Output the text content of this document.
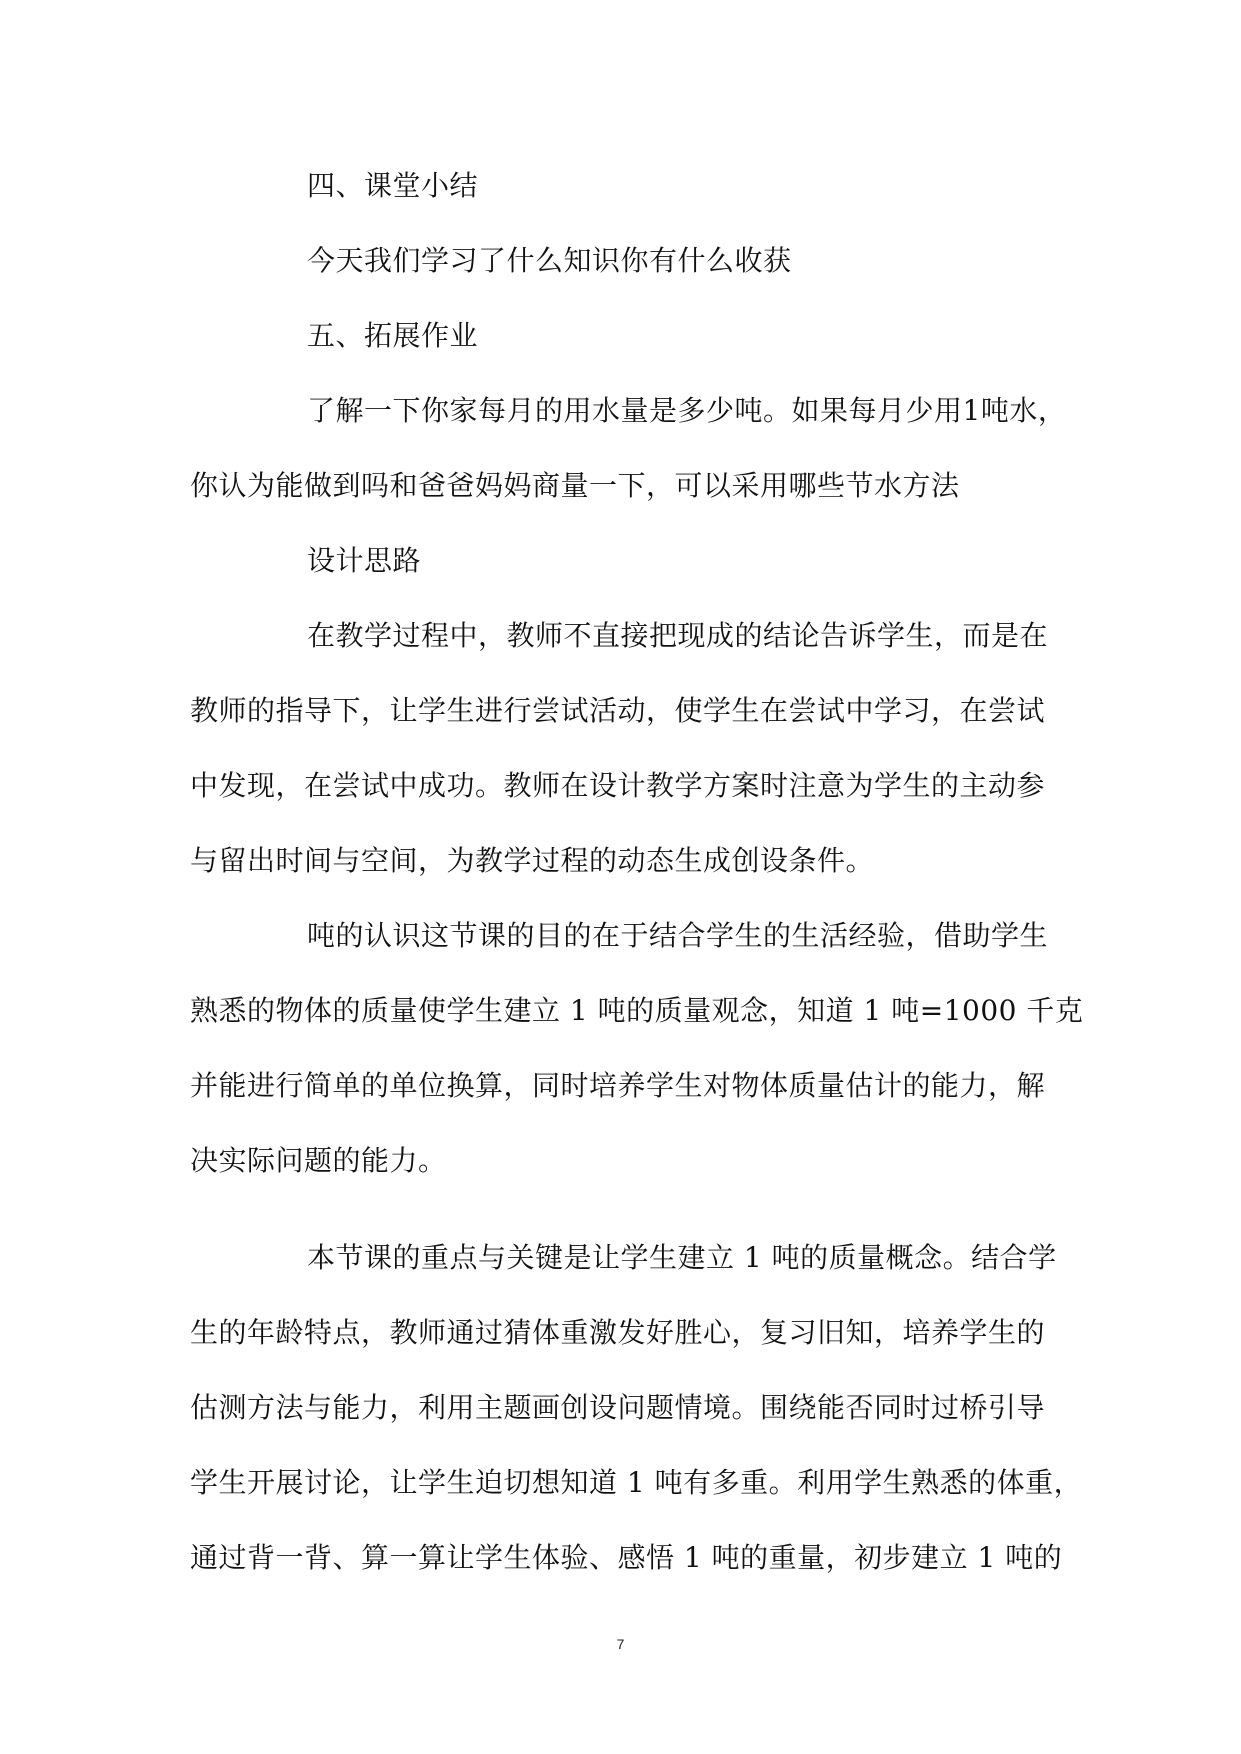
四、课堂小结
今天我们学习了什么知识你有什么收获
五、拓展作业
了解一下你家每月的用水量是多少吨。如果每月少用1吨水，
你认为能做到吗和爸爸妈妈商量一下，可以采用哪些节水方法
设计思路
在教学过程中，教师不直接把现成的结论告诉学生，而是在
教师的指导下，让学生进行尝试活动，使学生在尝试中学习，在尝试
中发现，在尝试中成功。教师在设计教学方案时注意为学生的主动参
与留出时间与空间，为教学过程的动态生成创设条件。
吨的认识这节课的目的在于结合学生的生活经验，借助学生
熟悉的物体的质量使学生建立 1 吨的质量观念，知道 1 吨=1000 千克
并能进行简单的单位换算，同时培养学生对物体质量估计的能力，解
决实际问题的能力。
本节课的重点与关键是让学生建立 1 吨的质量概念。结合学
生的年龄特点，教师通过猜体重激发好胜心，复习旧知，培养学生的
估测方法与能力，利用主题画创设问题情境。围绕能否同时过桥引导
学生开展讨论，让学生迫切想知道 1 吨有多重。利用学生熟悉的体重，
通过背一背、算一算让学生体验、感悟 1 吨的重量，初步建立 1 吨的
7
